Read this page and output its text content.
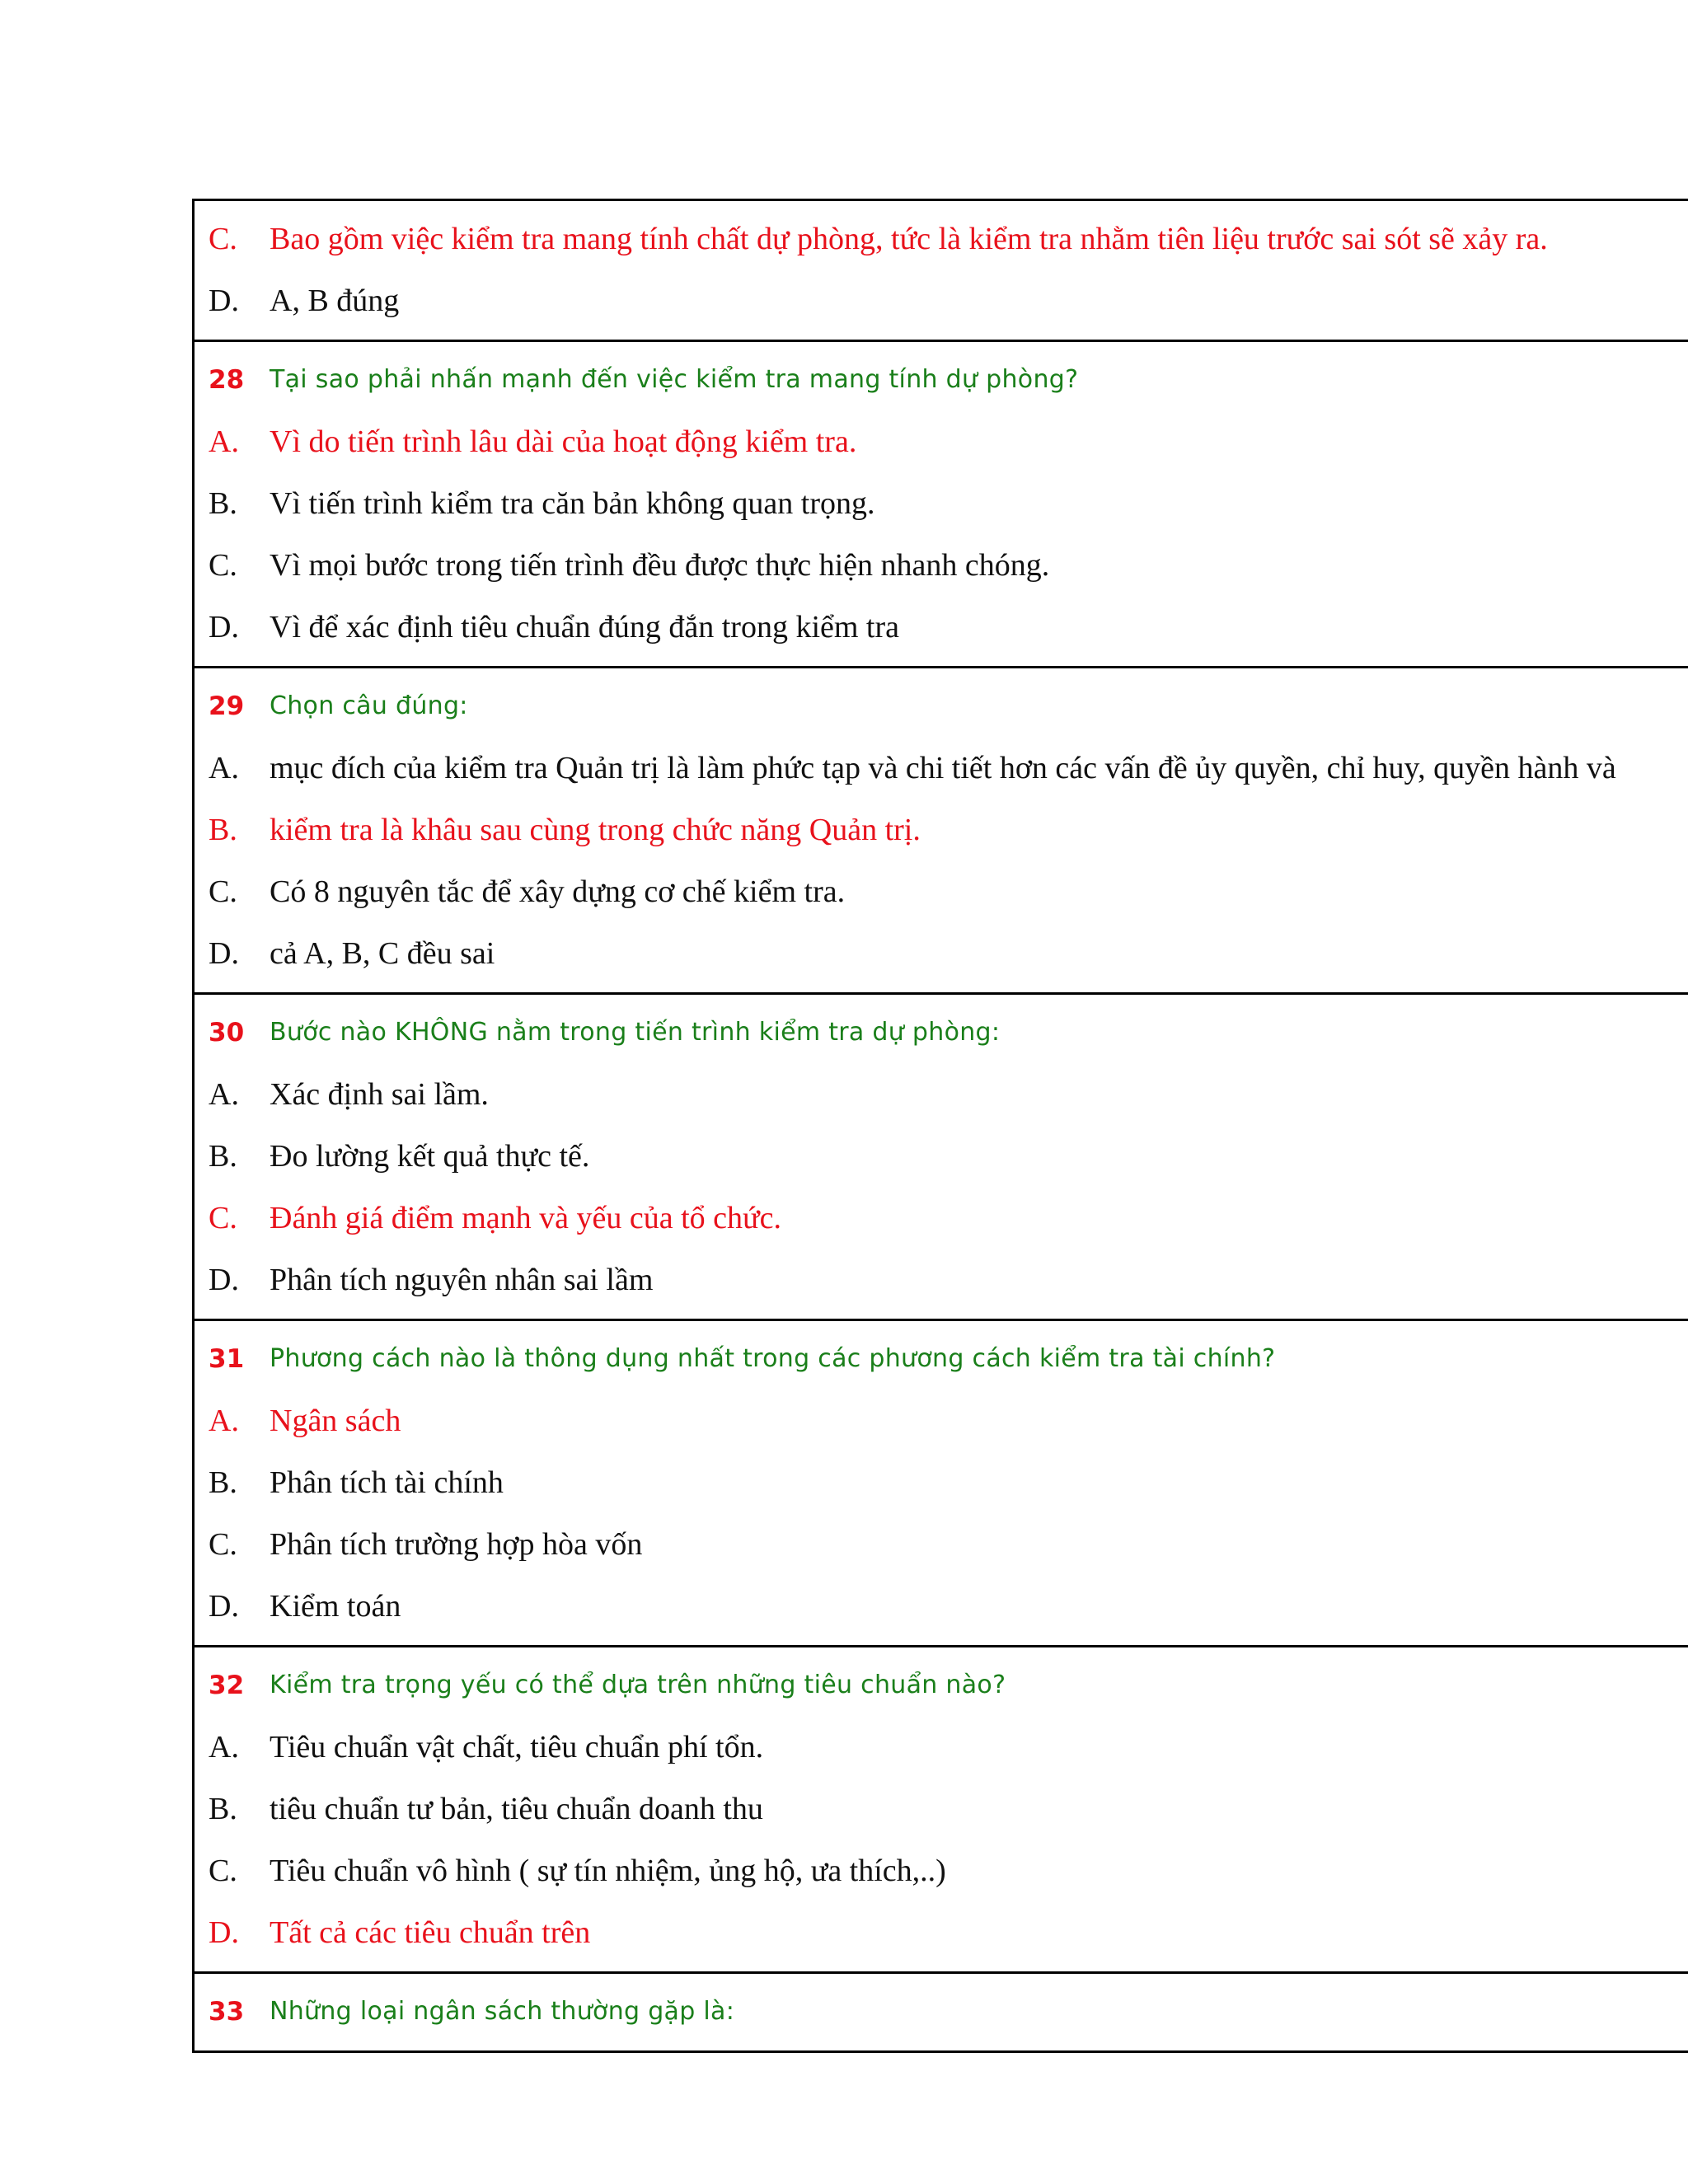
C.	Bao gồm việc kiểm tra mang tính chất dự phòng, tức là kiểm tra nhằm tiên liệu trước sai sót sẽ xảy ra.
D. A, B đúng
28	Tại sao phải nhấn mạnh đến việc kiểm tra mang tính dự phòng?
A. Vì do tiến trình lâu dài của hoạt động kiểm tra.
B.	Vì tiến trình kiểm tra căn bản không quan trọng.
C.	Vì mọi bước trong tiến trình đều được thực hiện nhanh chóng.
D. Vì để xác định tiêu chuẩn đúng đắn trong kiểm tra
29	Chọn câu đúng:
A. mục đích của kiểm tra Quản trị là làm phức tạp và chi tiết hơn các vấn đề ủy quyền, chỉ huy, quyền hành và
B.	kiểm tra là khâu sau cùng trong chức năng Quản trị.
C.	Có 8 nguyên tắc để xây dựng cơ chế kiểm tra.
D. cả A, B, C đều sai
30	Bước nào KHÔNG nằm trong tiến trình kiểm tra dự phòng:
A. Xác định sai lầm.
B.	Đo lường kết quả thực tế.
C.	Đánh giá điểm mạnh và yếu của tổ chức.
D. Phân tích nguyên nhân sai lầm
31	Phương cách nào là thông dụng nhất trong các phương cách kiểm tra tài chính?
A. Ngân sách
B.	Phân tích tài chính
C.	Phân tích trường hợp hòa vốn
D. Kiểm toán
32	Kiểm tra trọng yếu có thể dựa trên những tiêu chuẩn nào?
A. Tiêu chuẩn vật chất, tiêu chuẩn phí tổn.
B.	tiêu chuẩn tư bản, tiêu chuẩn doanh thu
C.	Tiêu chuẩn vô hình ( sự tín nhiệm, ủng hộ, ưa thích,..)
D. Tất cả các tiêu chuẩn trên
33	Những loại ngân sách thường gặp là:
